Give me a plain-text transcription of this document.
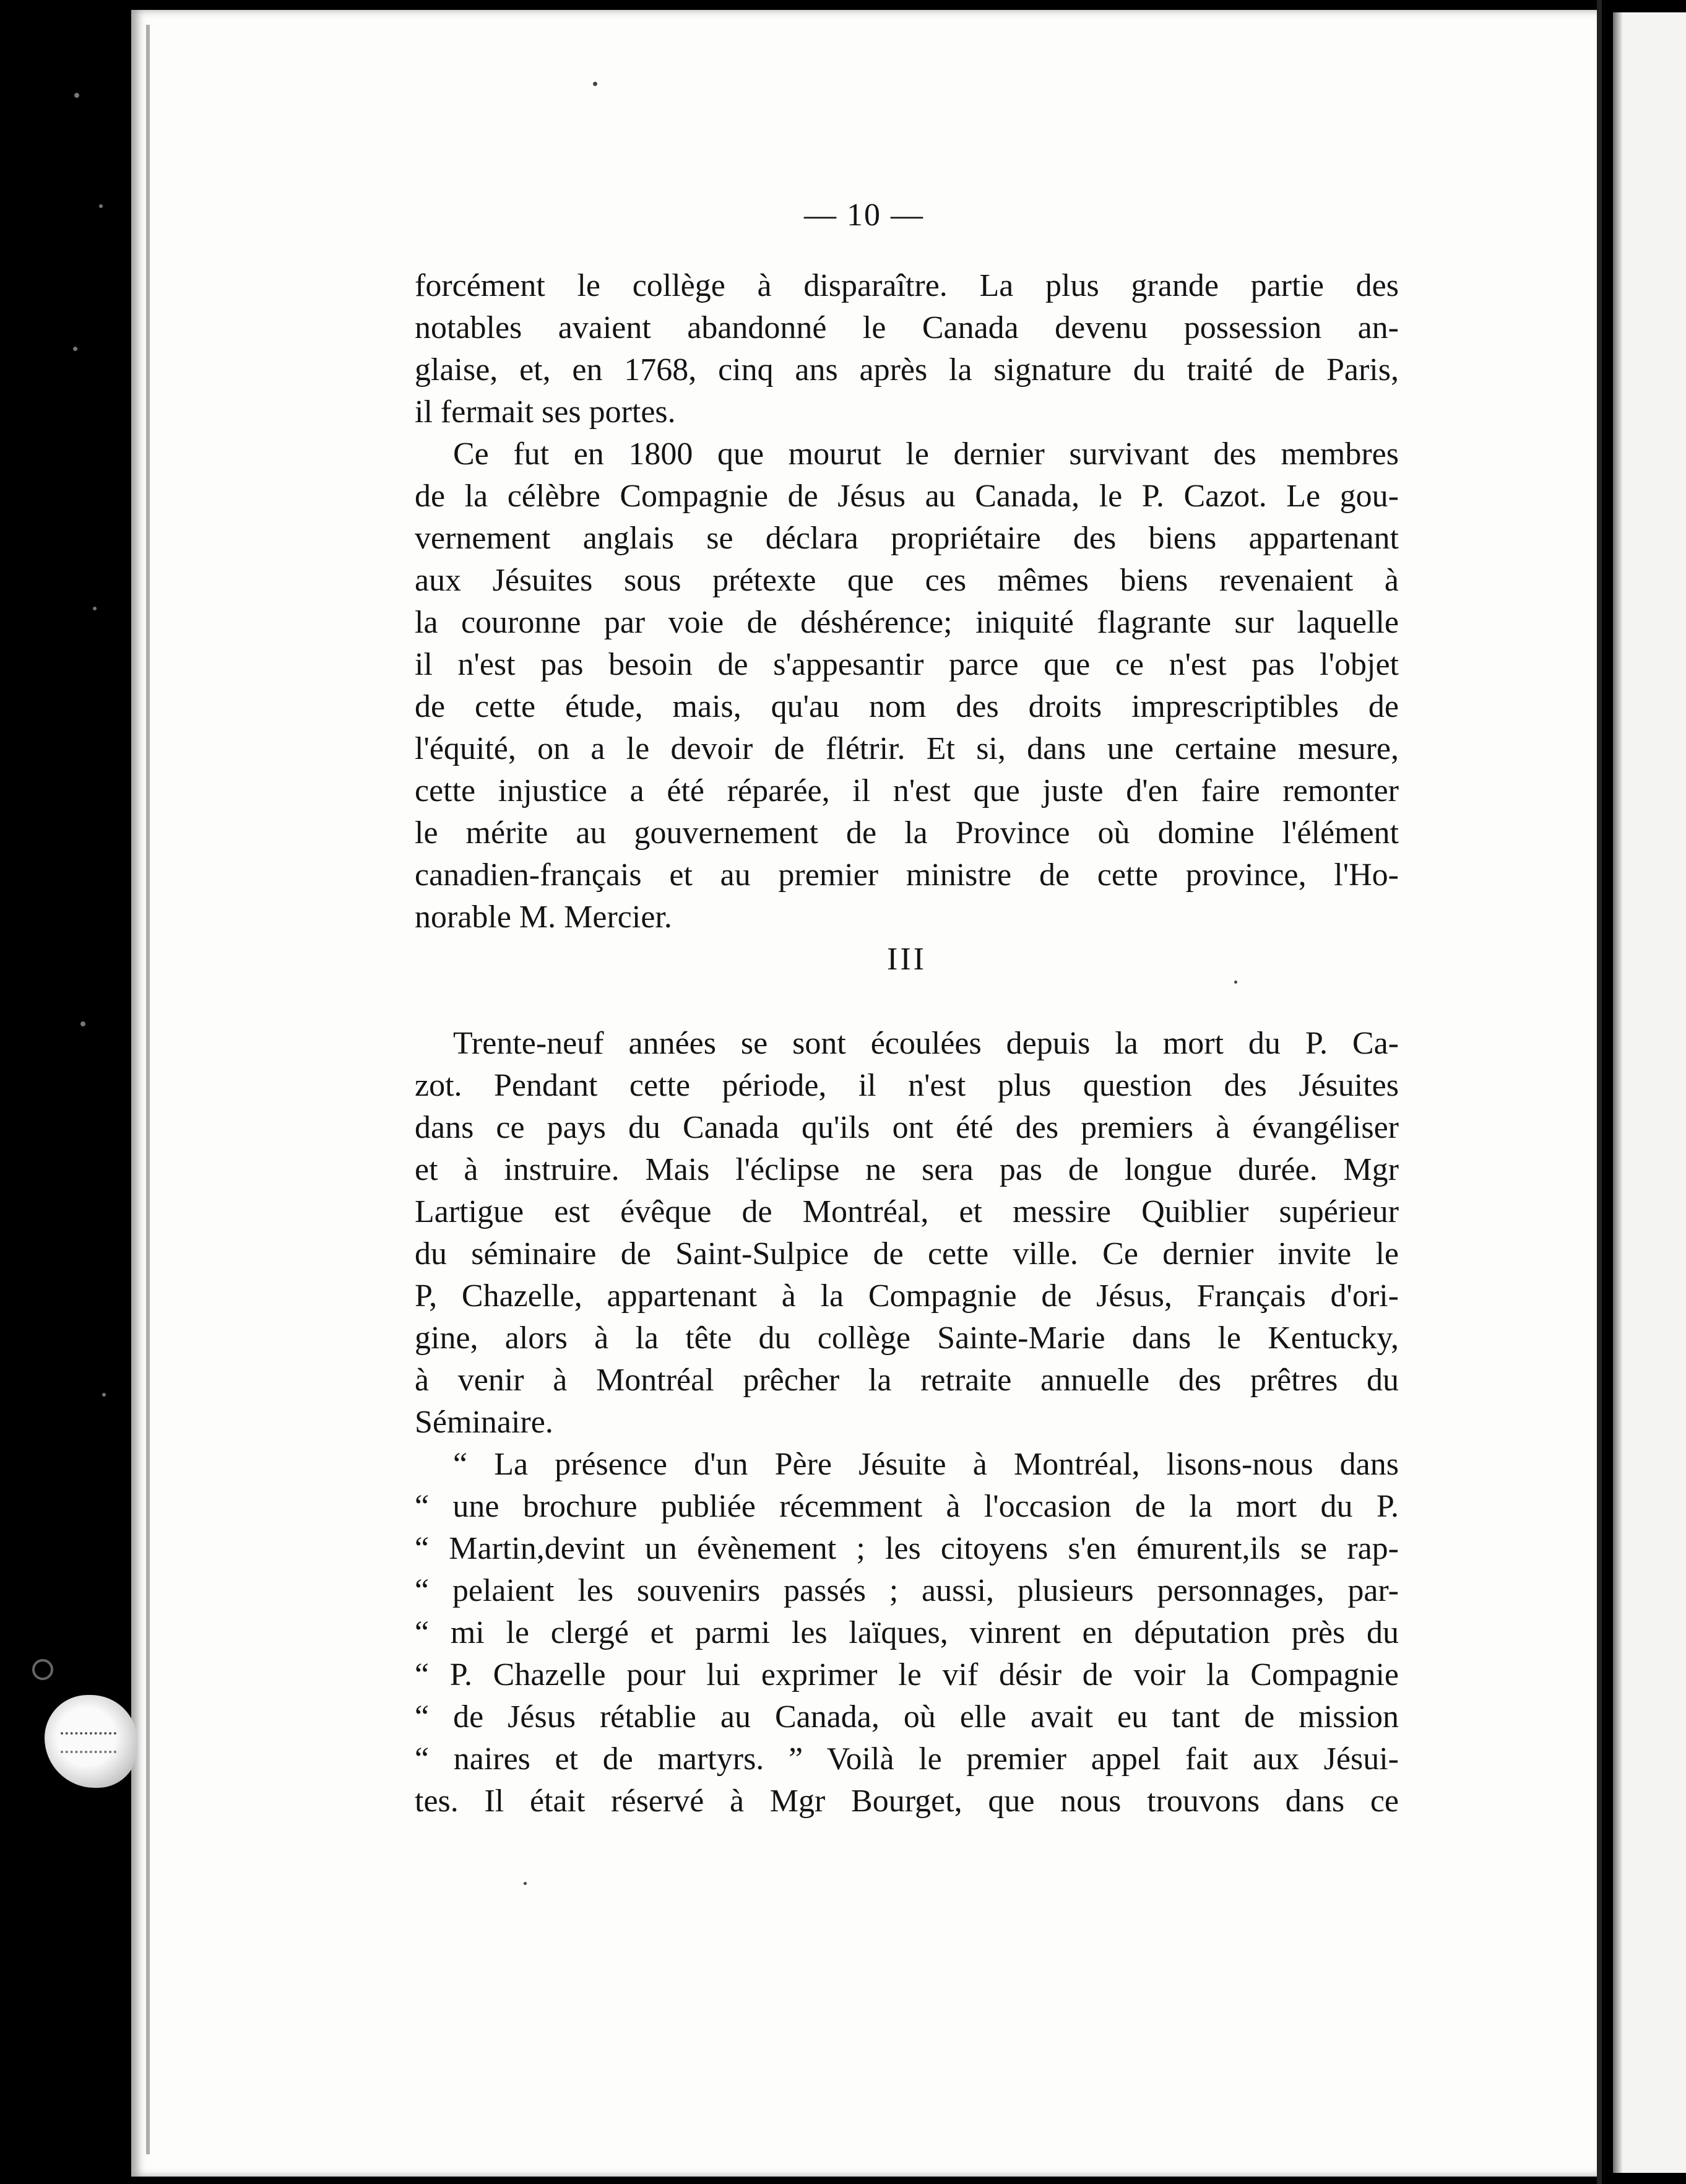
— 10 —
forcément le collège à disparaître. La plus grande partie des
notables avaient abandonné le Canada devenu possession an-
glaise, et, en 1768, cinq ans après la signature du traité de Paris,
il fermait ses portes.
Ce fut en 1800 que mourut le dernier survivant des membres
de la célèbre Compagnie de Jésus au Canada, le P. Cazot. Le gou-
vernement anglais se déclara propriétaire des biens appartenant
aux Jésuites sous prétexte que ces mêmes biens revenaient à
la couronne par voie de déshérence; iniquité flagrante sur laquelle
il n'est pas besoin de s'appesantir parce que ce n'est pas l'objet
de cette étude, mais, qu'au nom des droits imprescriptibles de
l'équité, on a le devoir de flétrir. Et si, dans une certaine mesure,
cette injustice a été réparée, il n'est que juste d'en faire remonter
le mérite au gouvernement de la Province où domine l'élément
canadien-français et au premier ministre de cette province, l'Ho-
norable M. Mercier.
III
Trente-neuf années se sont écoulées depuis la mort du P. Ca-
zot. Pendant cette période, il n'est plus question des Jésuites
dans ce pays du Canada qu'ils ont été des premiers à évangéliser
et à instruire. Mais l'éclipse ne sera pas de longue durée. Mgr
Lartigue est évêque de Montréal, et messire Quiblier supérieur
du séminaire de Saint-Sulpice de cette ville. Ce dernier invite le
P, Chazelle, appartenant à la Compagnie de Jésus, Français d'ori-
gine, alors à la tête du collège Sainte-Marie dans le Kentucky,
à venir à Montréal prêcher la retraite annuelle des prêtres du
Séminaire.
“ La présence d'un Père Jésuite à Montréal, lisons-nous dans
“ une brochure publiée récemment à l'occasion de la mort du P.
“ Martin,devint un évènement ; les citoyens s'en émurent,ils se rap-
“ pelaient les souvenirs passés ; aussi, plusieurs personnages, par-
“ mi le clergé et parmi les laïques, vinrent en députation près du
“ P. Chazelle pour lui exprimer le vif désir de voir la Compagnie
“ de Jésus rétablie au Canada, où elle avait eu tant de mission
“ naires et de martyrs. ” Voilà le premier appel fait aux Jésui-
tes. Il était réservé à Mgr Bourget, que nous trouvons dans ce
